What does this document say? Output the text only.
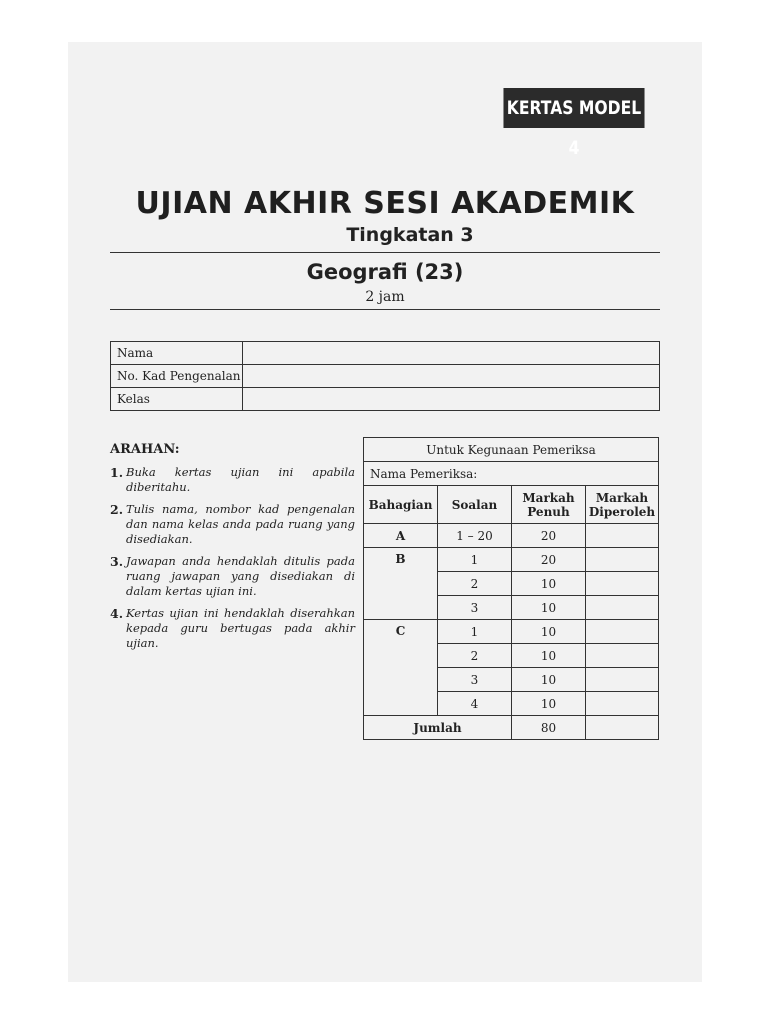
KERTAS MODEL 4
UJIAN AKHIR SESI AKADEMIK
Tingkatan 3
Geografi (23)
2 jam
Nama	
No. Kad Pengenalan	
Kelas	
ARAHAN:
1. Buka kertas ujian ini apabila diberitahu.
2. Tulis nama, nombor kad pengenalan dan nama kelas anda pada ruang yang disediakan.
3. Jawapan anda hendaklah ditulis pada ruang jawapan yang disediakan di dalam kertas ujian ini.
4. Kertas ujian ini hendaklah diserahkan kepada guru bertugas pada akhir ujian.
Untuk Kegunaan Pemeriksa			
Nama Pemeriksa:			
Bahagian	Soalan	Markah Penuh	Markah Diperoleh
A	1 – 20	20	
B	1	20	
	2	10	
	3	10	
C	1	10	
	2	10	
	3	10	
	4	10	
Jumlah		80	
